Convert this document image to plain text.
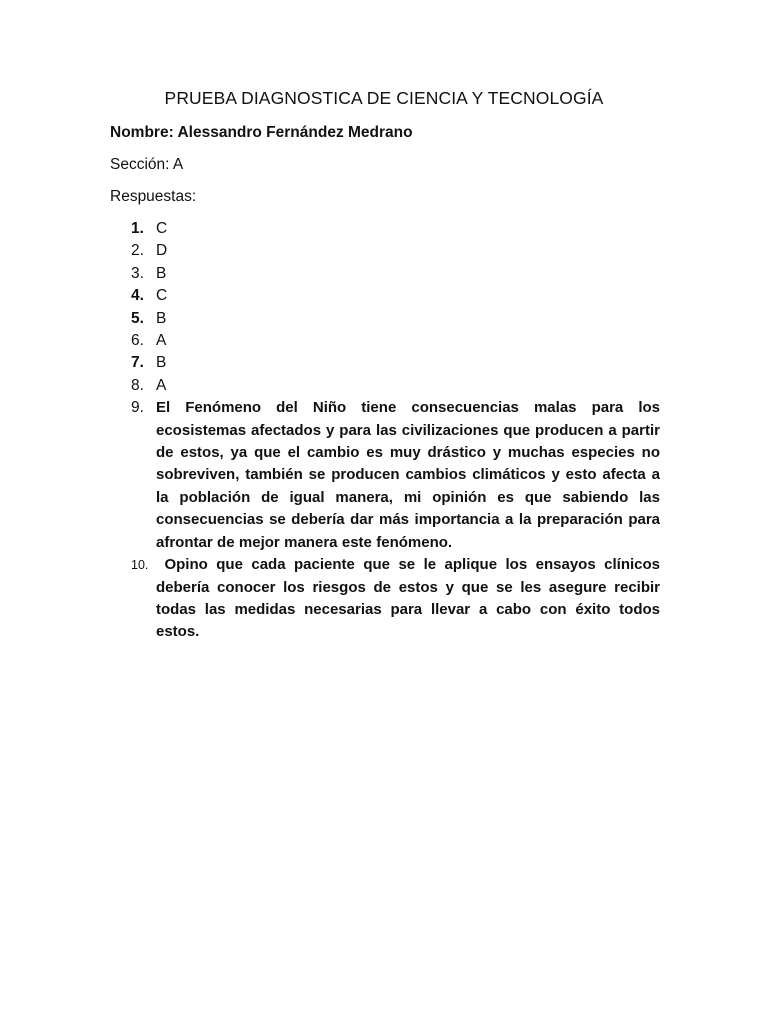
PRUEBA DIAGNOSTICA DE CIENCIA Y TECNOLOGÍA
Nombre: Alessandro Fernández Medrano
Sección: A
Respuestas:
1. C
2. D
3. B
4. C
5. B
6. A
7. B
8. A
9. El Fenómeno del Niño tiene consecuencias malas para los ecosistemas afectados y para las civilizaciones que producen a partir de estos, ya que el cambio es muy drástico y muchas especies no sobreviven, también se producen cambios climáticos y esto afecta a la población de igual manera, mi opinión es que sabiendo las consecuencias se debería dar más importancia a la preparación para afrontar de mejor manera este fenómeno.
10. Opino que cada paciente que se le aplique los ensayos clínicos debería conocer los riesgos de estos y que se les asegure recibir todas las medidas necesarias para llevar a cabo con éxito todos estos.
